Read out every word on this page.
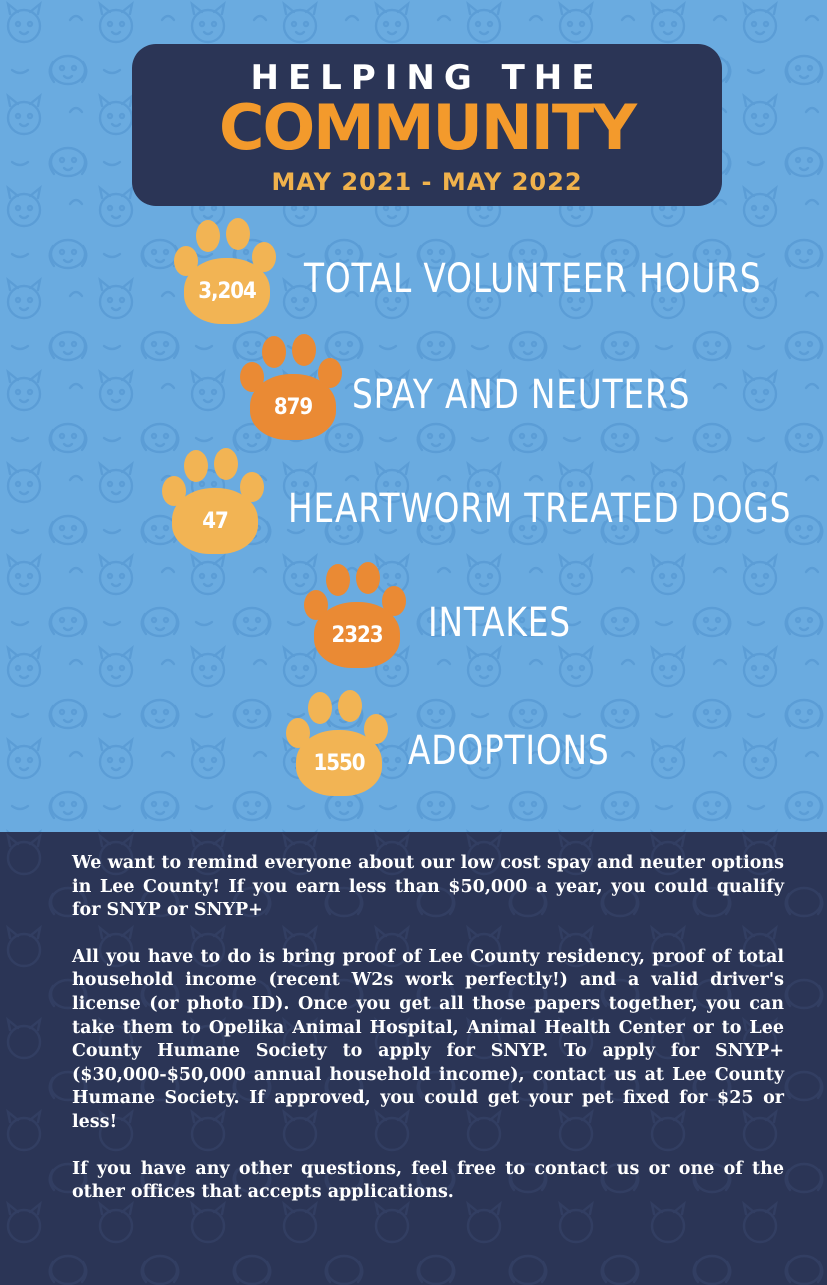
HELPING THE
COMMUNITY
MAY 2021 - MAY 2022
3,204	TOTAL VOLUNTEER HOURS
879 SPAY AND NEUTERS
47	HEARTWORM TREATED DOGS
2323	INTAKES
1550	ADOPTIONS

We want to remind everyone about our low cost spay and neuter options in Lee County! If you earn less than $50,000 a year, you could qualify for SNYP or SNYP+

All you have to do is bring proof of Lee County residency, proof of total household income (recent W2s work perfectly!) and a valid driver's license (or photo ID). Once you get all those papers together, you can take them to Opelika Animal Hospital, Animal Health Center or to Lee County Humane Society to apply for SNYP. To apply for SNYP+ ($30,000-$50,000 annual household income), contact us at Lee County Humane Society. If approved, you could get your pet fixed for $25 or less!

If you have any other questions, feel free to contact us or one of the other offices that accepts applications.
